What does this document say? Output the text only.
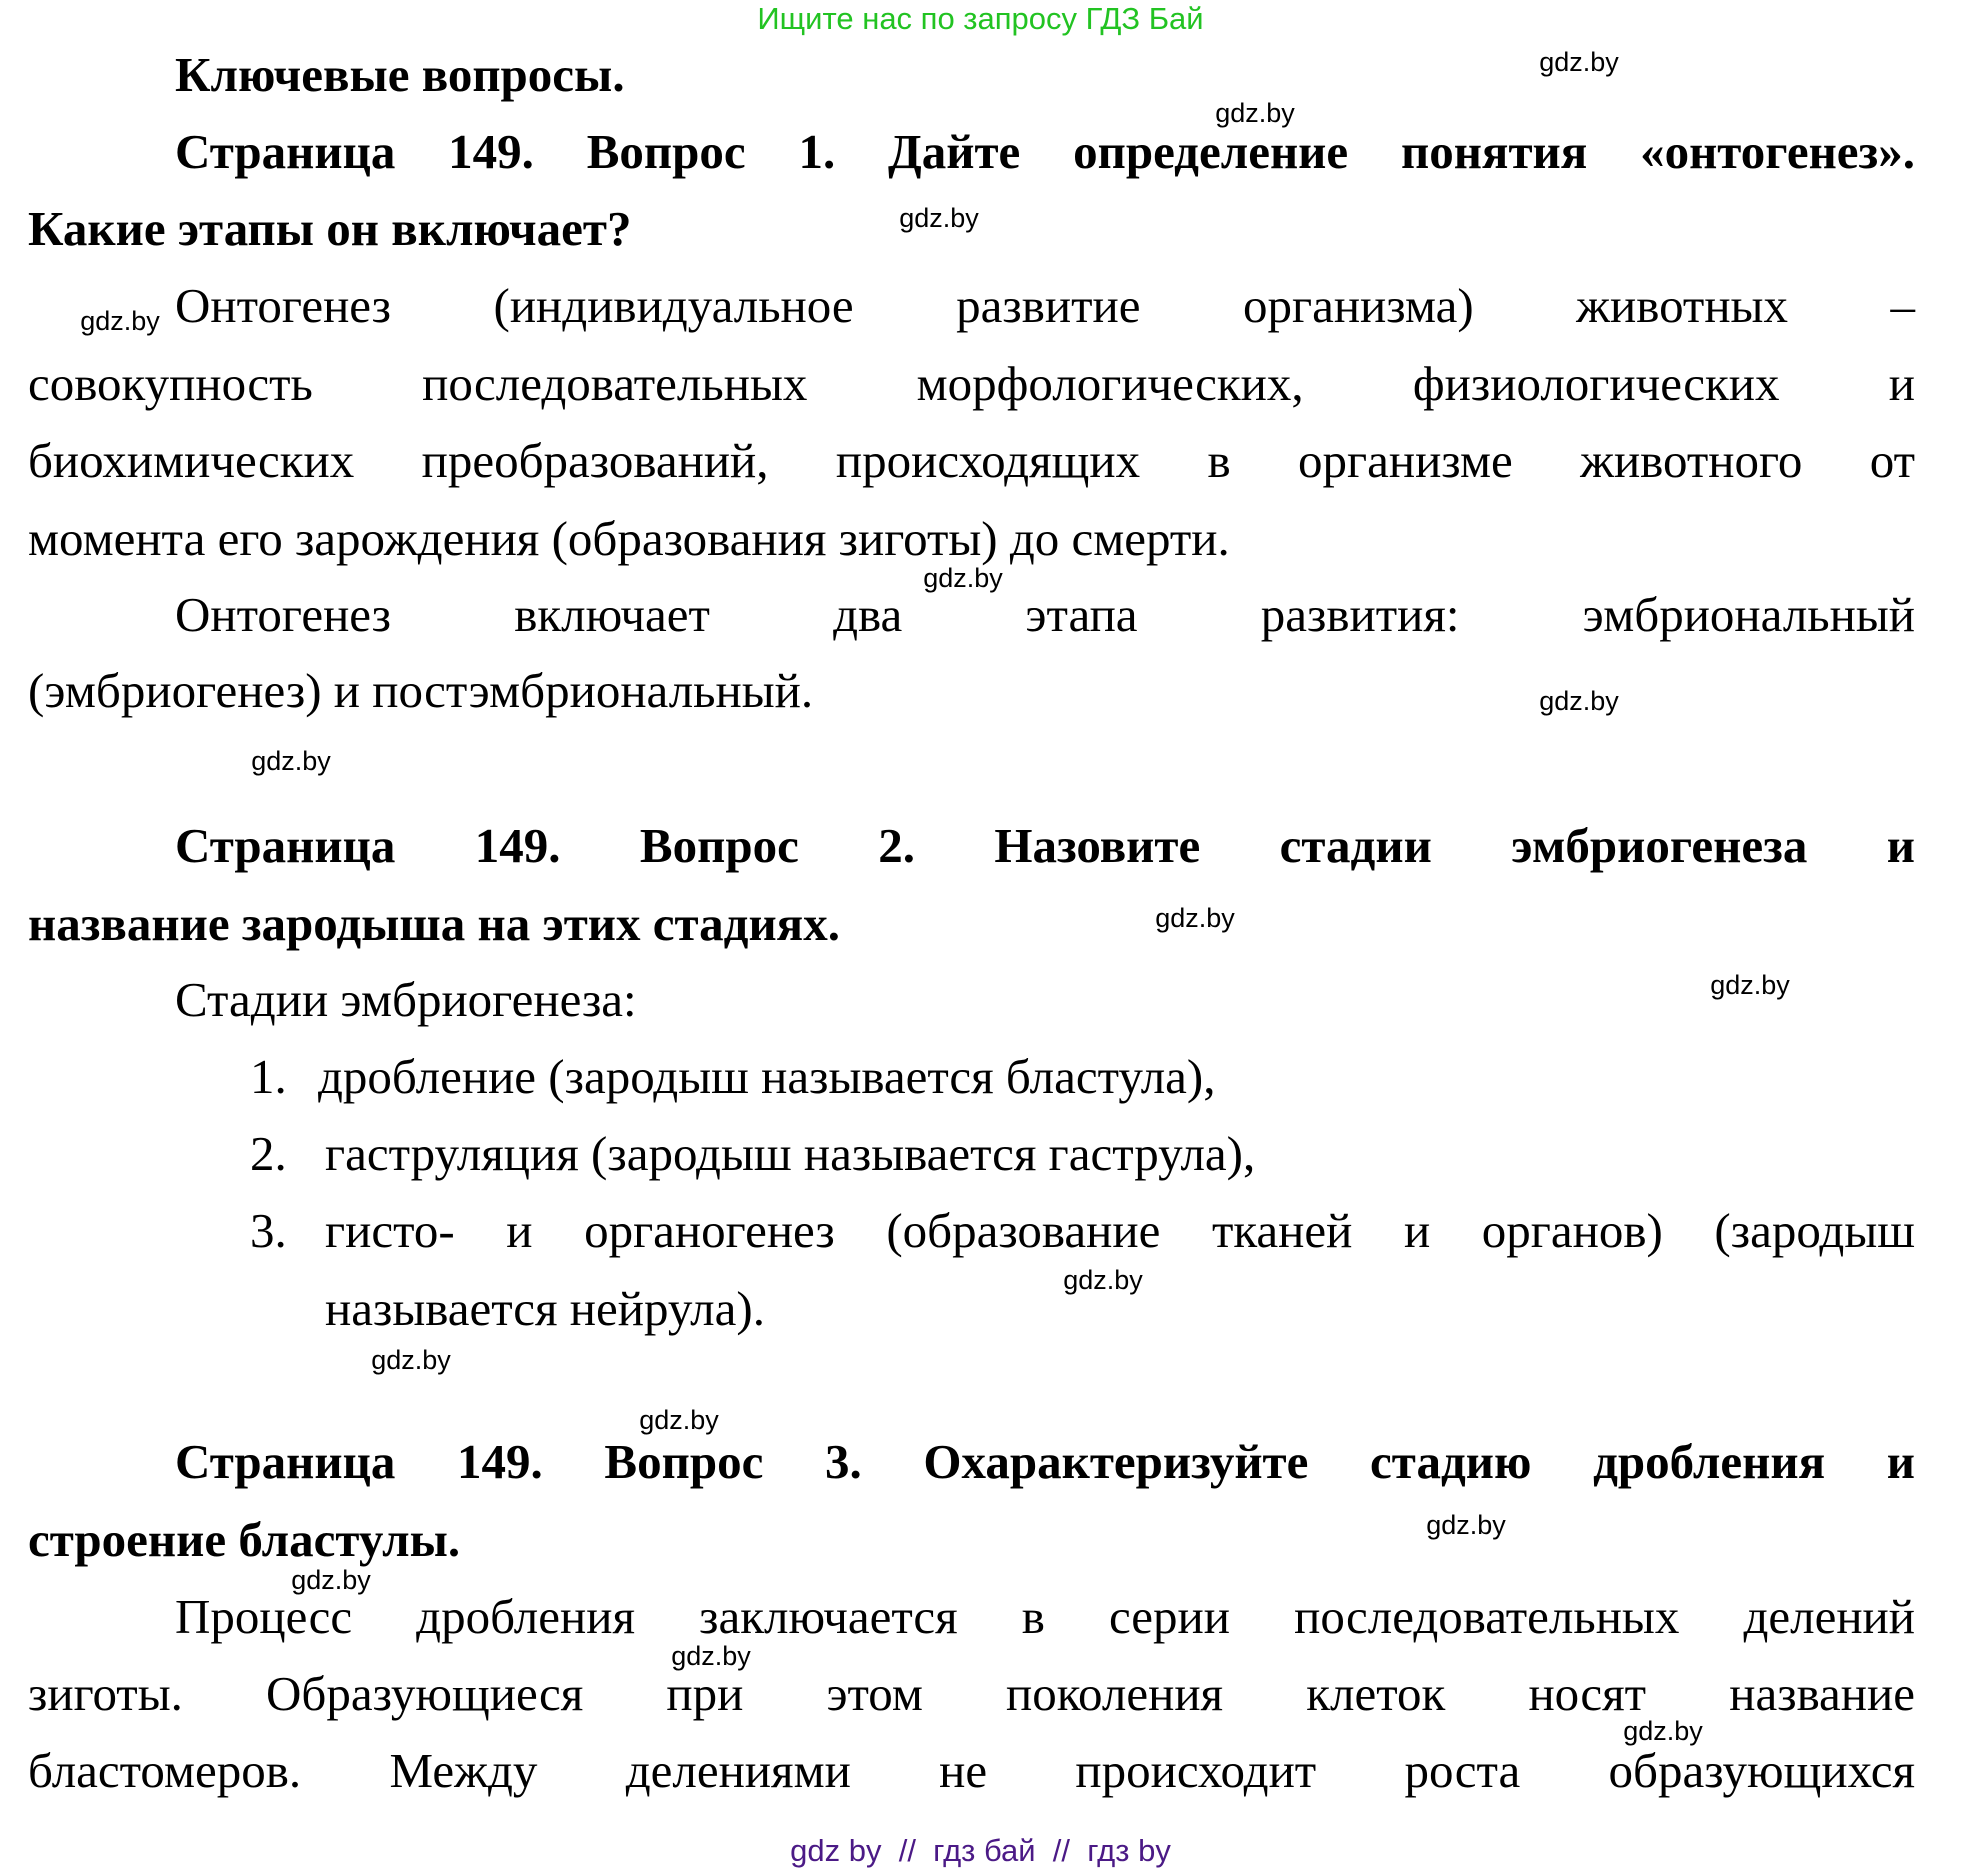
Ищите нас по запросу ГДЗ Бай
Ключевые вопросы.
Страница 149. Вопрос 1. Дайте определение понятия «онтогенез».
Какие этапы он включает?
Онтогенез (индивидуальное развитие организма) животных –
совокупность последовательных морфологических, физиологических и
биохимических преобразований, происходящих в организме животного от
момента его зарождения (образования зиготы) до смерти.
Онтогенез включает два этапа развития: эмбриональный
(эмбриогенез) и постэмбриональный.
Страница 149. Вопрос 2. Назовите стадии эмбриогенеза и
название зародыша на этих стадиях.
Стадии эмбриогенеза:
1. дробление (зародыш называется бластула),
2. гаструляция (зародыш называется гаструла),
3. гисто- и органогенез (образование тканей и органов) (зародыш
называется нейрула).
Страница 149. Вопрос 3. Охарактеризуйте стадию дробления и
строение бластулы.
Процесс дробления заключается в серии последовательных делений
зиготы. Образующиеся при этом поколения клеток носят название
бластомеров. Между делениями не происходит роста образующихся
gdz.by
gdz.by
gdz.by
gdz.by
gdz.by
gdz.by
gdz.by
gdz.by
gdz.by
gdz.by
gdz.by
gdz.by
gdz.by
gdz.by
gdz.by
gdz.by
gdz by  //  гдз бай  //  гдз by
